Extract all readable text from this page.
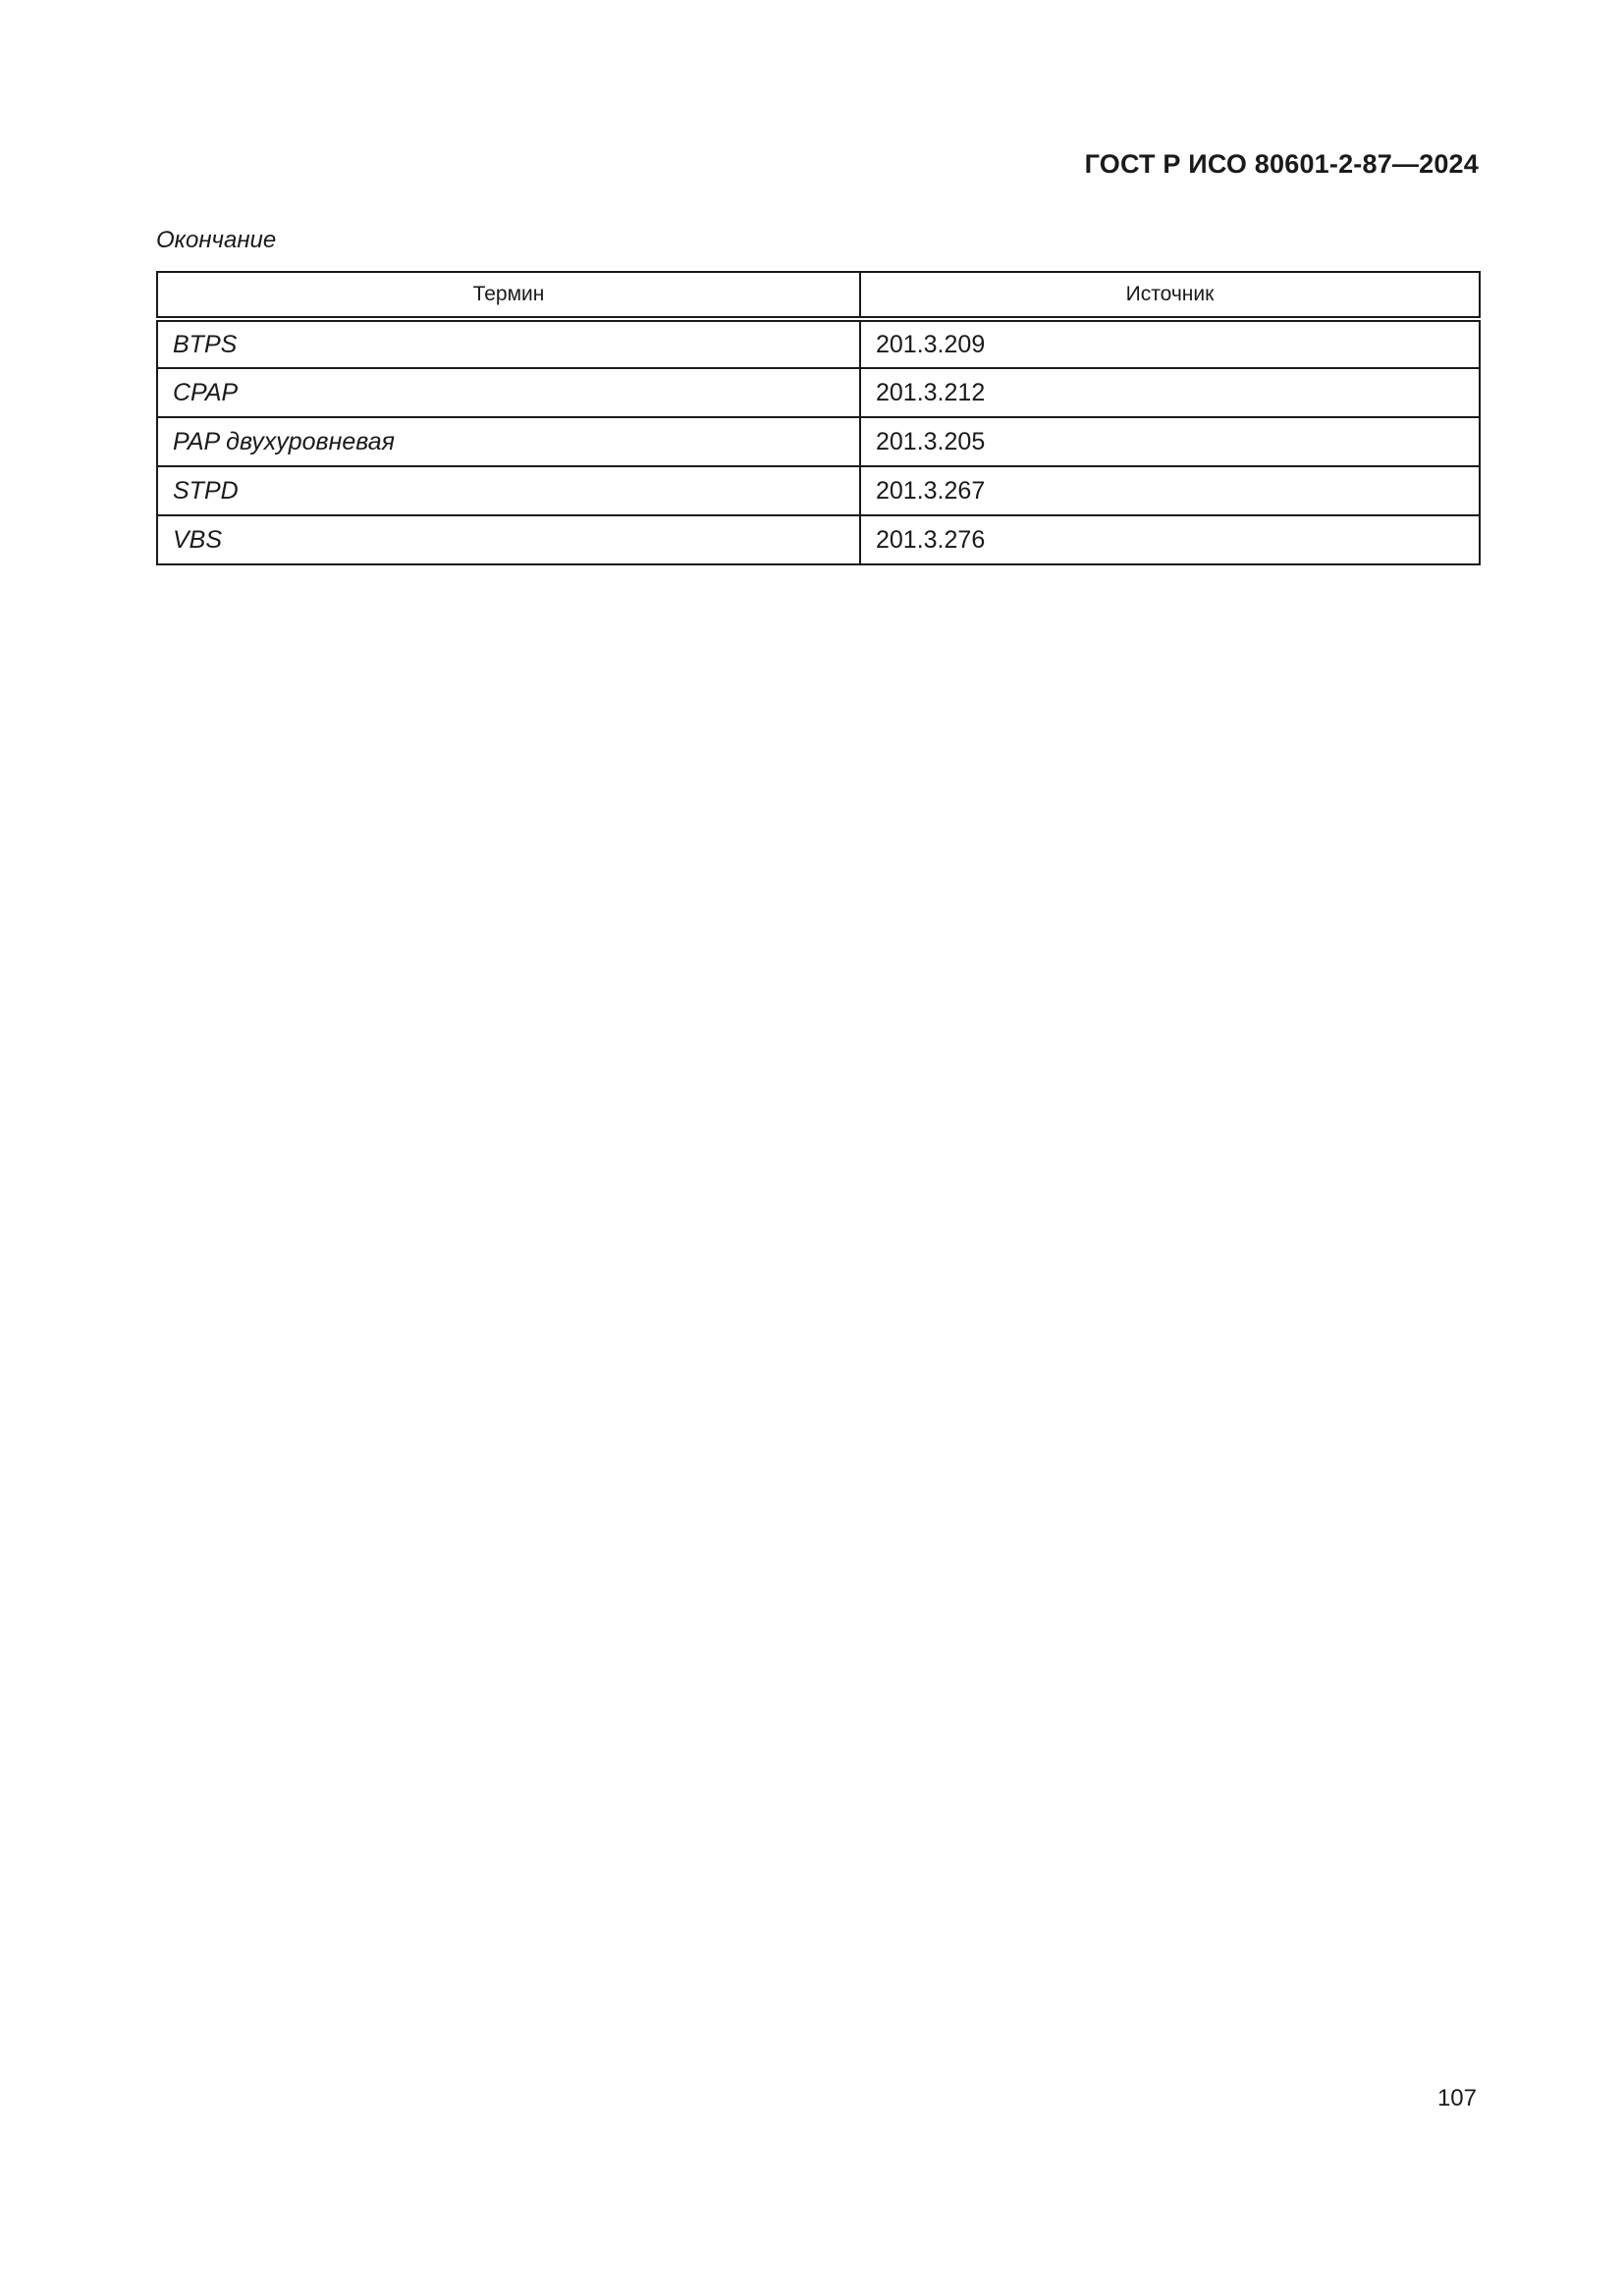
ГОСТ Р ИСО 80601-2-87—2024
Окончание
Термин	Источник
BTPS	201.3.209
CPAP	201.3.212
PAP двухуровневая	201.3.205
STPD	201.3.267
VBS	201.3.276
107
